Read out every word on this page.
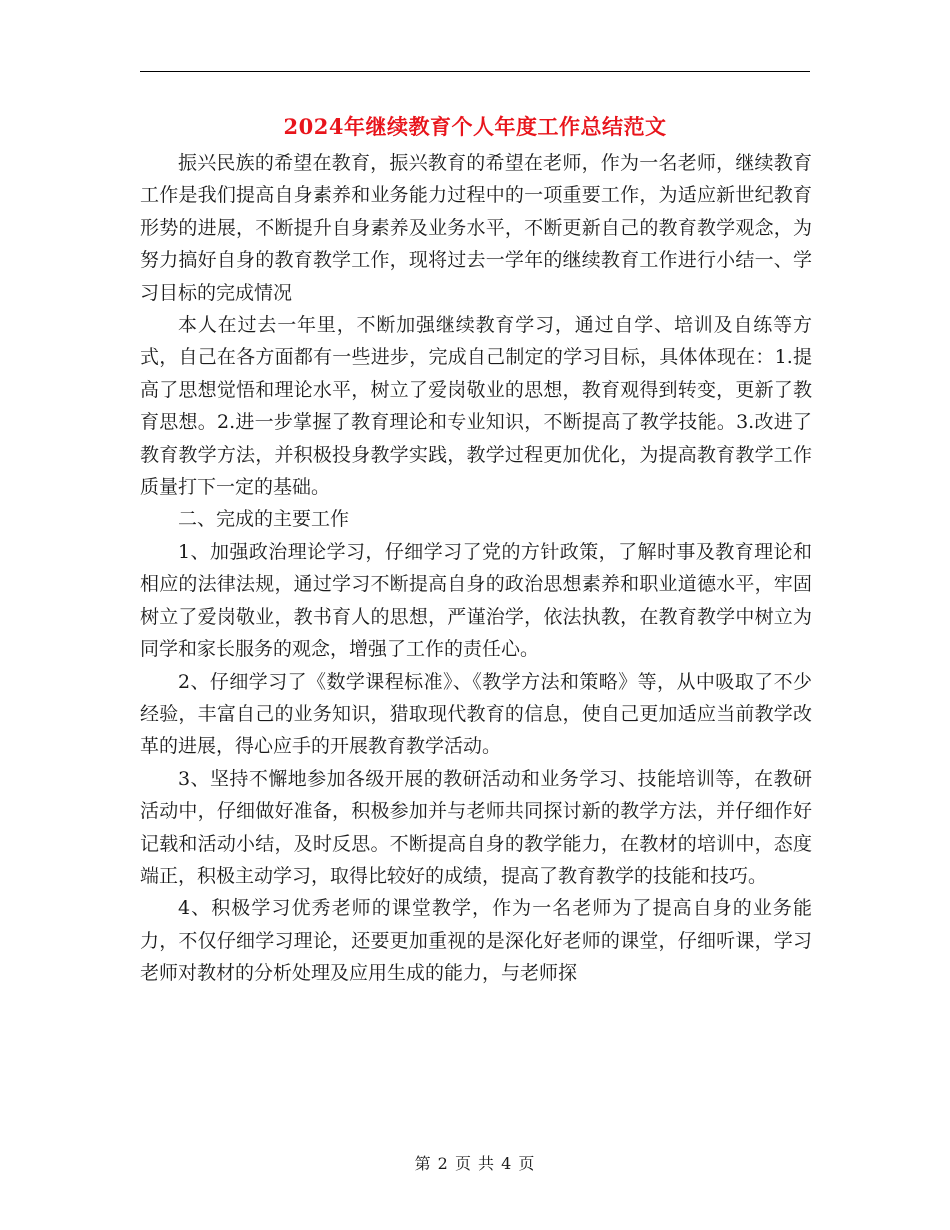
2024年继续教育个人年度工作总结范文

振兴民族的希望在教育，振兴教育的希望在老师，作为一名老师，继续教育工作是我们提高自身素养和业务能力过程中的一项重要工作，为适应新世纪教育形势的进展，不断提升自身素养及业务水平，不断更新自己的教育教学观念，为努力搞好自身的教育教学工作，现将过去一学年的继续教育工作进行小结一、学习目标的完成情况

本人在过去一年里，不断加强继续教育学习，通过自学、培训及自练等方式，自己在各方面都有一些进步，完成自己制定的学习目标，具体体现在：1.提高了思想觉悟和理论水平，树立了爱岗敬业的思想，教育观得到转变，更新了教育思想。2.进一步掌握了教育理论和专业知识，不断提高了教学技能。3.改进了教育教学方法，并积极投身教学实践，教学过程更加优化，为提高教育教学工作质量打下一定的基础。

二、完成的主要工作

1、加强政治理论学习，仔细学习了党的方针政策，了解时事及教育理论和相应的法律法规，通过学习不断提高自身的政治思想素养和职业道德水平，牢固树立了爱岗敬业，教书育人的思想，严谨治学，依法执教，在教育教学中树立为同学和家长服务的观念，增强了工作的责任心。

2、仔细学习了《数学课程标准》、《教学方法和策略》等，从中吸取了不少经验，丰富自己的业务知识，猎取现代教育的信息，使自己更加适应当前教学改革的进展，得心应手的开展教育教学活动。

3、坚持不懈地参加各级开展的教研活动和业务学习、技能培训等，在教研活动中，仔细做好准备，积极参加并与老师共同探讨新的教学方法，并仔细作好记载和活动小结，及时反思。不断提高自身的教学能力，在教材的培训中，态度端正，积极主动学习，取得比较好的成绩，提高了教育教学的技能和技巧。

4、积极学习优秀老师的课堂教学，作为一名老师为了提高自身的业务能力，不仅仔细学习理论，还要更加重视的是深化好老师的课堂，仔细听课，学习老师对教材的分析处理及应用生成的能力，与老师探

第 2 页 共 4 页
